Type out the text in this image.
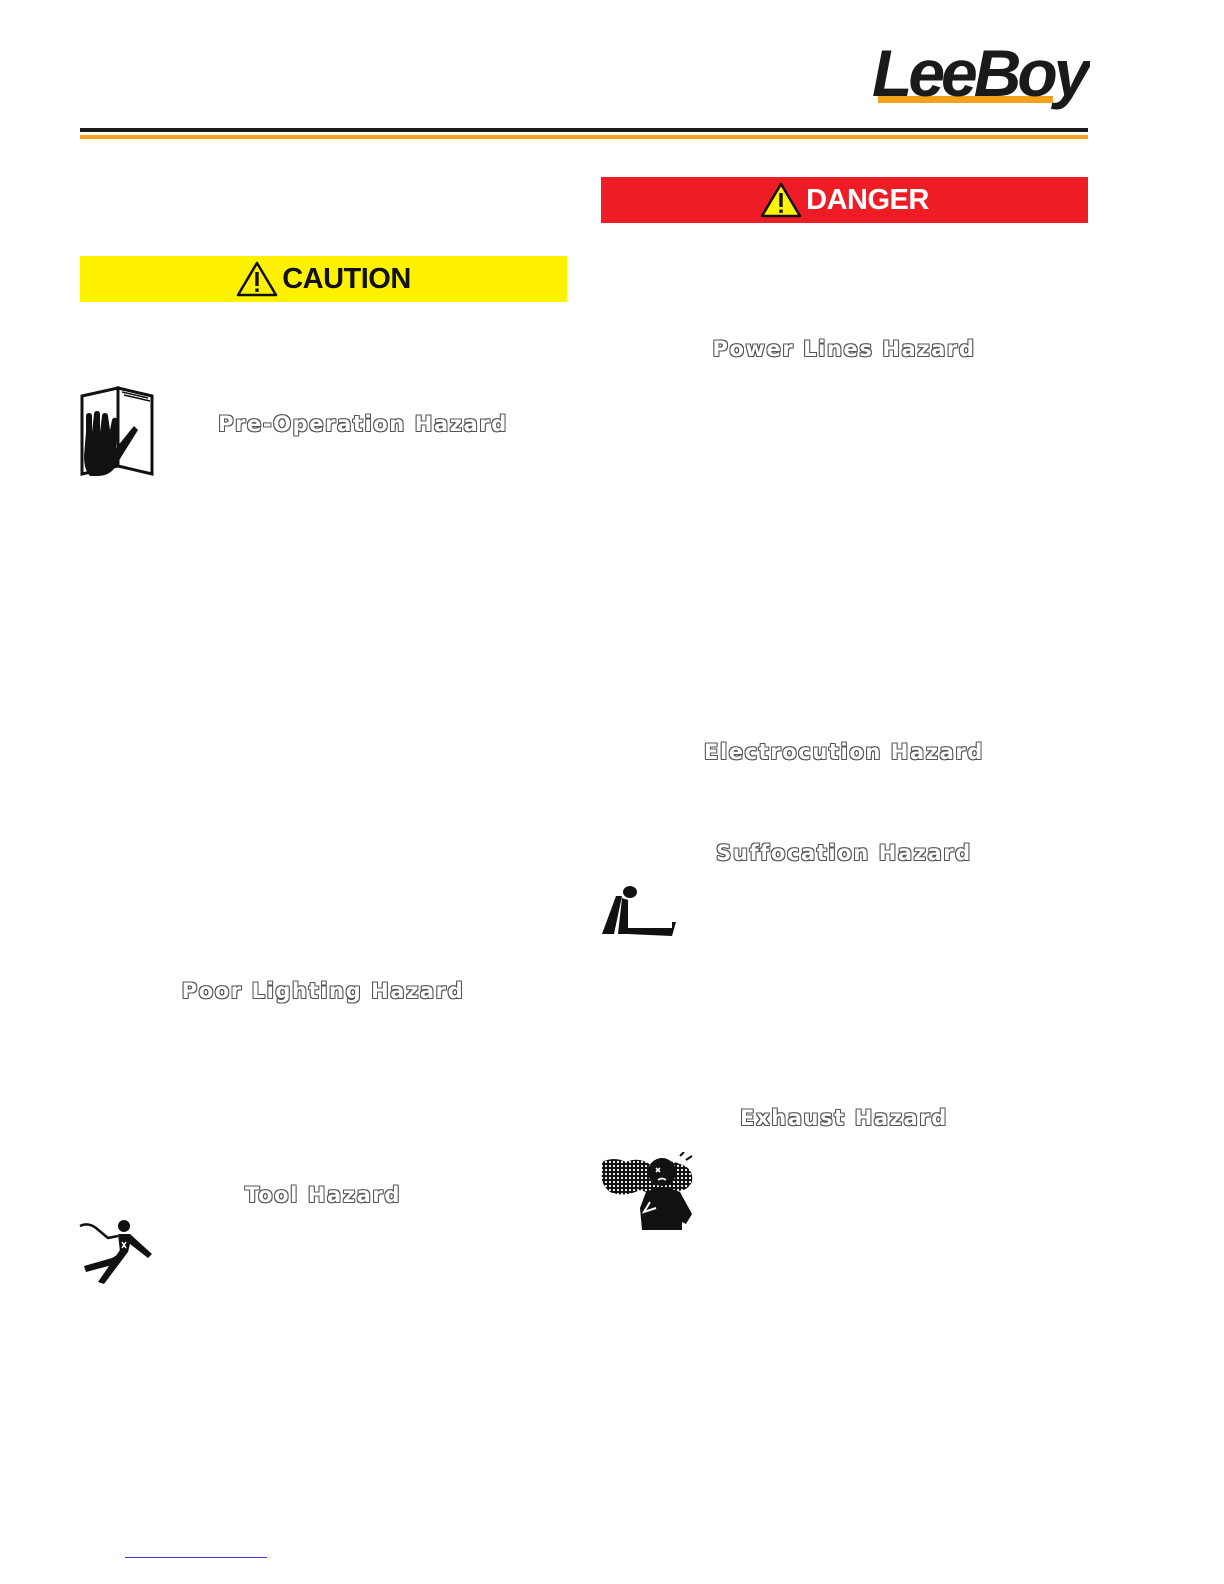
LeeBoy
DANGER
CAUTION
Pre-Operation Hazard
Poor Lighting Hazard
Tool Hazard
Power Lines Hazard
Electrocution Hazard
Suffocation Hazard
Exhaust Hazard
